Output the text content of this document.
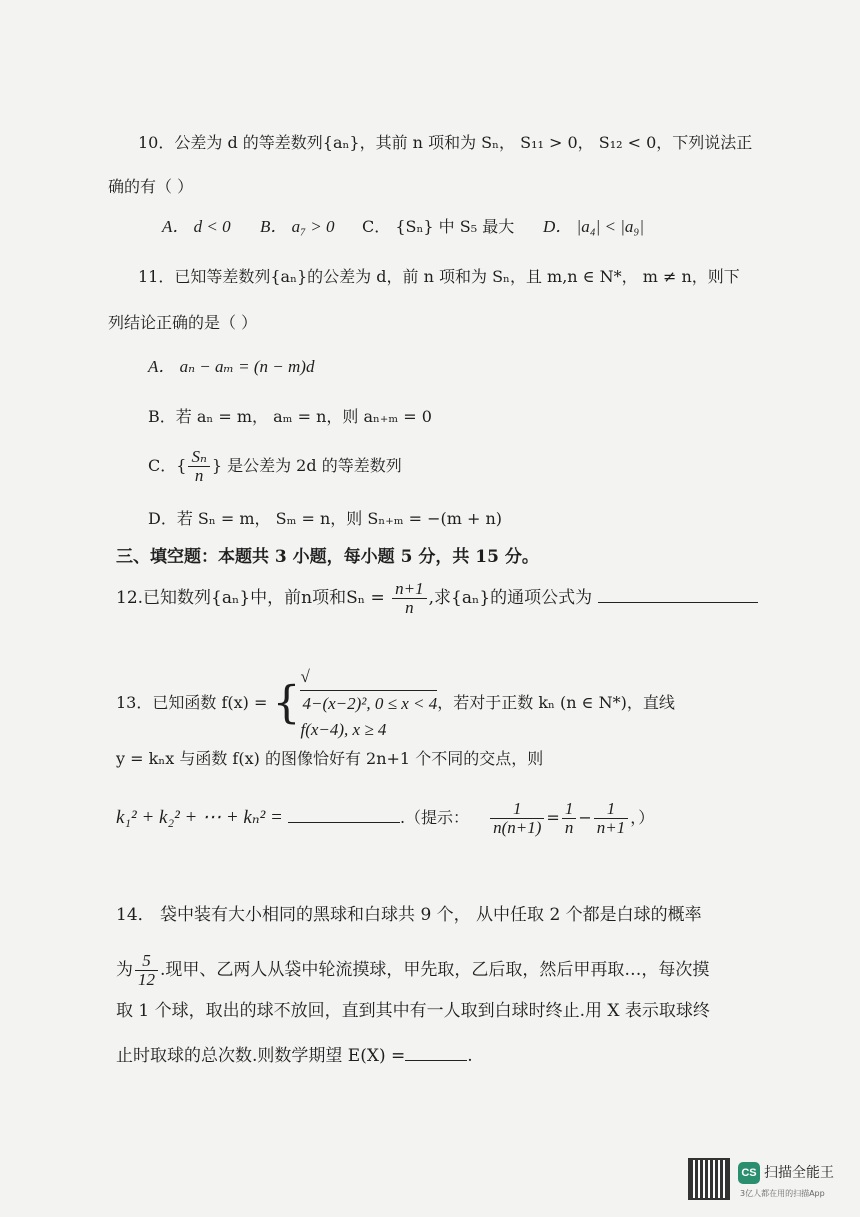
10．公差为 d 的等差数列{aₙ}，其前 n 项和为 Sₙ， S₁₁ > 0， S₁₂ < 0，下列说法正
确的有（ ）
A． d < 0 B． a₇ > 0 C． {Sₙ} 中 S₅ 最大 D． |a₄| < |a₉|
11．已知等差数列{aₙ}的公差为 d，前 n 项和为 Sₙ，且 m,n ∈ N*， m ≠ n，则下
列结论正确的是（ ）
A． aₙ − aₘ = (n − m)d
B．若 aₙ = m， aₘ = n，则 aₙ₊ₘ = 0
C．{ $\frac{\text{Sₙ}}{n}$ } 是公差为 2d 的等差数列
D．若 Sₙ = m， Sₘ = n，则 Sₙ₊ₘ = −(m + n)
三、填空题：本题共 3 小题，每小题 5 分，共 15 分。
12.已知数列{aₙ}中，前n项和$S_n = \frac{n+1}{n}$ ,求{aₙ}的通项公式为
13．已知函数 f(x) = {
√
4−(x−2)², 0 ≤ x < 4
f(x−4), x ≥ 4
，若对于正数 kₙ (n ∈ N*)，直线
y = kₙx 与函数 f(x) 的图像恰好有 2n+1 个不同的交点，则
k₁² + k₂² + ⋯ + kₙ² =	.（提示： $\frac{1}{n(n+1)} = \frac{1}{n} - \frac{1}{n+1}$ ，）
14． 袋中装有大小相同的黑球和白球共 9 个， 从中任取 2 个都是白球的概率
为 $\frac{5}{12}$ .现甲、乙两人从袋中轮流摸球，甲先取，乙后取，然后甲再取…，每次摸
取 1 个球，取出的球不放回，直到其中有一人取到白球时终止.用 X 表示取球终
止时取球的总次数.则数学期望 E(X) =	.
CS 扫描全能王
3亿人都在用的扫描App
